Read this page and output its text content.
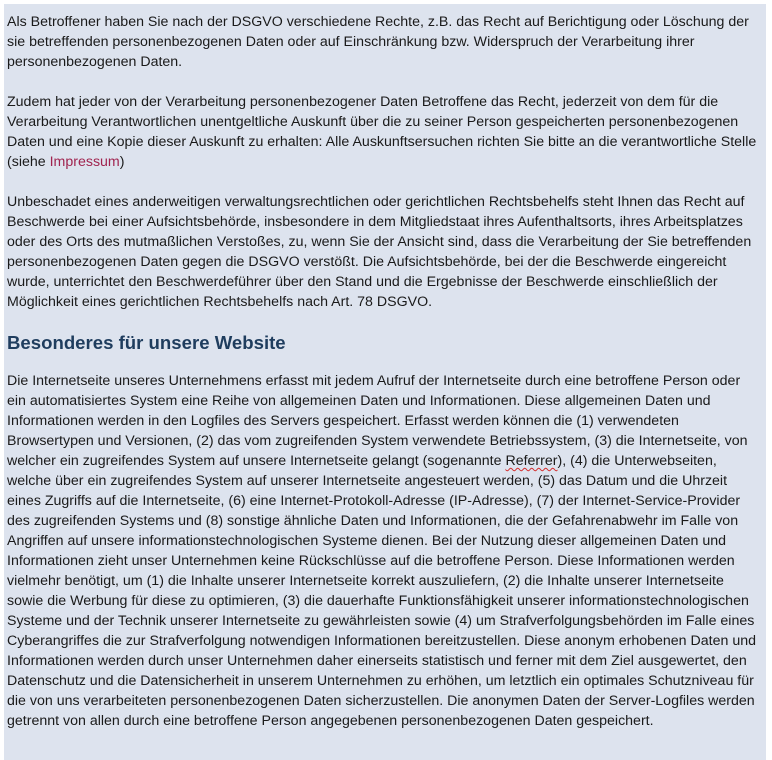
Als Betroffener haben Sie nach der DSGVO verschiedene Rechte, z.B. das Recht auf Berichtigung oder Löschung der sie betreffenden personenbezogenen Daten oder auf Einschränkung bzw. Widerspruch der Verarbeitung ihrer personenbezogenen Daten.

Zudem hat jeder von der Verarbeitung personenbezogener Daten Betroffene das Recht, jederzeit von dem für die Verarbeitung Verantwortlichen unentgeltliche Auskunft über die zu seiner Person gespeicherten personenbezogenen Daten und eine Kopie dieser Auskunft zu erhalten: Alle Auskunftsersuchen richten Sie bitte an die verantwortliche Stelle (siehe Impressum)

Unbeschadet eines anderweitigen verwaltungsrechtlichen oder gerichtlichen Rechtsbehelfs steht Ihnen das Recht auf Beschwerde bei einer Aufsichtsbehörde, insbesondere in dem Mitgliedstaat ihres Aufenthaltsorts, ihres Arbeitsplatzes oder des Orts des mutmaßlichen Verstoßes, zu, wenn Sie der Ansicht sind, dass die Verarbeitung der Sie betreffenden personenbezogenen Daten gegen die DSGVO verstößt. Die Aufsichtsbehörde, bei der die Beschwerde eingereicht wurde, unterrichtet den Beschwerdeführer über den Stand und die Ergebnisse der Beschwerde einschließlich der Möglichkeit eines gerichtlichen Rechtsbehelfs nach Art. 78 DSGVO.

Besonderes für unsere Website

Die Internetseite unseres Unternehmens erfasst mit jedem Aufruf der Internetseite durch eine betroffene Person oder ein automatisiertes System eine Reihe von allgemeinen Daten und Informationen. Diese allgemeinen Daten und Informationen werden in den Logfiles des Servers gespeichert. Erfasst werden können die (1) verwendeten Browsertypen und Versionen, (2) das vom zugreifenden System verwendete Betriebssystem, (3) die Internetseite, von welcher ein zugreifendes System auf unsere Internetseite gelangt (sogenannte Referrer), (4) die Unterwebseiten, welche über ein zugreifendes System auf unserer Internetseite angesteuert werden, (5) das Datum und die Uhrzeit eines Zugriffs auf die Internetseite, (6) eine Internet-Protokoll-Adresse (IP-Adresse), (7) der Internet-Service-Provider des zugreifenden Systems und (8) sonstige ähnliche Daten und Informationen, die der Gefahrenabwehr im Falle von Angriffen auf unsere informationstechnologischen Systeme dienen. Bei der Nutzung dieser allgemeinen Daten und Informationen zieht unser Unternehmen keine Rückschlüsse auf die betroffene Person. Diese Informationen werden vielmehr benötigt, um (1) die Inhalte unserer Internetseite korrekt auszuliefern, (2) die Inhalte unserer Internetseite sowie die Werbung für diese zu optimieren, (3) die dauerhafte Funktionsfähigkeit unserer informationstechnologischen Systeme und der Technik unserer Internetseite zu gewährleisten sowie (4) um Strafverfolgungsbehörden im Falle eines Cyberangriffes die zur Strafverfolgung notwendigen Informationen bereitzustellen. Diese anonym erhobenen Daten und Informationen werden durch unser Unternehmen daher einerseits statistisch und ferner mit dem Ziel ausgewertet, den Datenschutz und die Datensicherheit in unserem Unternehmen zu erhöhen, um letztlich ein optimales Schutzniveau für die von uns verarbeiteten personenbezogenen Daten sicherzustellen. Die anonymen Daten der Server-Logfiles werden getrennt von allen durch eine betroffene Person angegebenen personenbezogenen Daten gespeichert.
